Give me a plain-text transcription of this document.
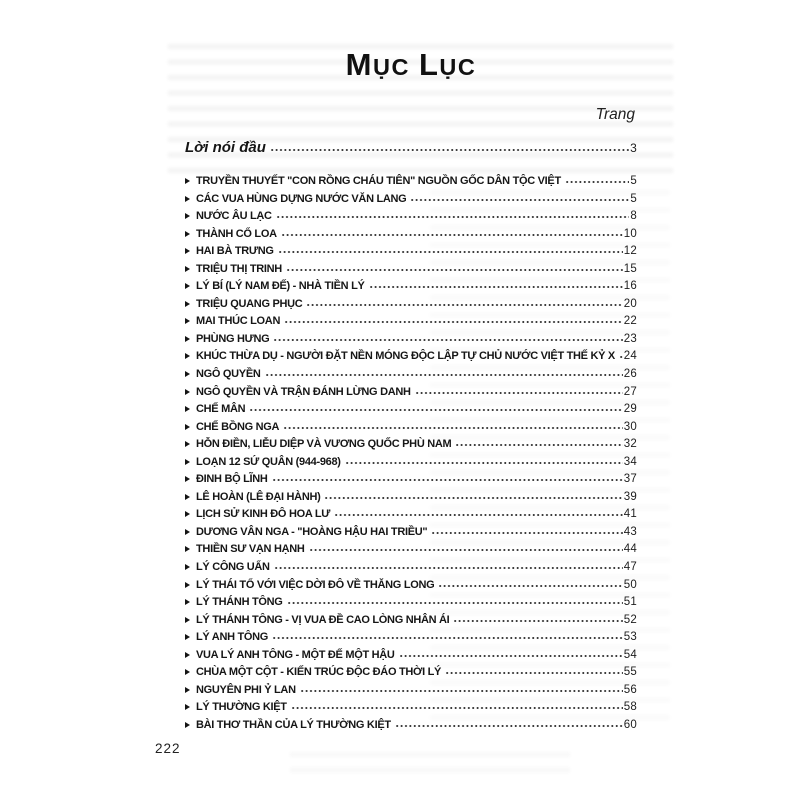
MỤC LỤC
Trang
Lời nói đầu	3
TRUYỀN THUYẾT "CON RỒNG CHÁU TIÊN" NGUỒN GỐC DÂN TỘC VIỆT	5
CÁC VUA HÙNG DỰNG NƯỚC VĂN LANG	5
NƯỚC ÂU LẠC	8
THÀNH CỔ LOA	10
HAI BÀ TRƯNG	12
TRIỆU THỊ TRINH	15
LÝ BÍ (LÝ NAM ĐẾ) - NHÀ TIỀN LÝ	16
TRIỆU QUANG PHỤC	20
MAI THÚC LOAN	22
PHÙNG HƯNG	23
KHÚC THỪA DỤ - NGƯỜI ĐẶT NỀN MÓNG ĐỘC LẬP TỰ CHỦ NƯỚC VIỆT THẾ KỶ X 24
NGÔ QUYỀN	26
NGÔ QUYỀN VÀ TRẬN ĐÁNH LỪNG DANH	27
CHẾ MÂN	29
CHẾ BỒNG NGA	30
HỖN ĐIỀN, LIỄU DIỆP VÀ VƯƠNG QUỐC PHÙ NAM	32
LOẠN 12 SỨ QUÂN (944-968)	34
ĐINH BỘ LĨNH	37
LÊ HOÀN (LÊ ĐẠI HÀNH)	39
LỊCH SỬ KINH ĐÔ HOA LƯ	41
DƯƠNG VÂN NGA - "HOÀNG HẬU HAI TRIỀU"	43
THIỀN SƯ VẠN HẠNH	44
LÝ CÔNG UẨN	47
LÝ THÁI TỔ VỚI VIỆC DỜI ĐÔ VỀ THĂNG LONG	50
LÝ THÁNH TÔNG	51
LÝ THÁNH TÔNG - VỊ VUA ĐỀ CAO LÒNG NHÂN ÁI	52
LÝ ANH TÔNG	53
VUA LÝ ANH TÔNG - MỘT ĐẾ MỘT HẬU	54
CHÙA MỘT CỘT - KIẾN TRÚC ĐỘC ĐÁO THỜI LÝ	55
NGUYÊN PHI Ỷ LAN	56
LÝ THƯỜNG KIỆT	58
BÀI THƠ THẦN CỦA LÝ THƯỜNG KIỆT	60
222
